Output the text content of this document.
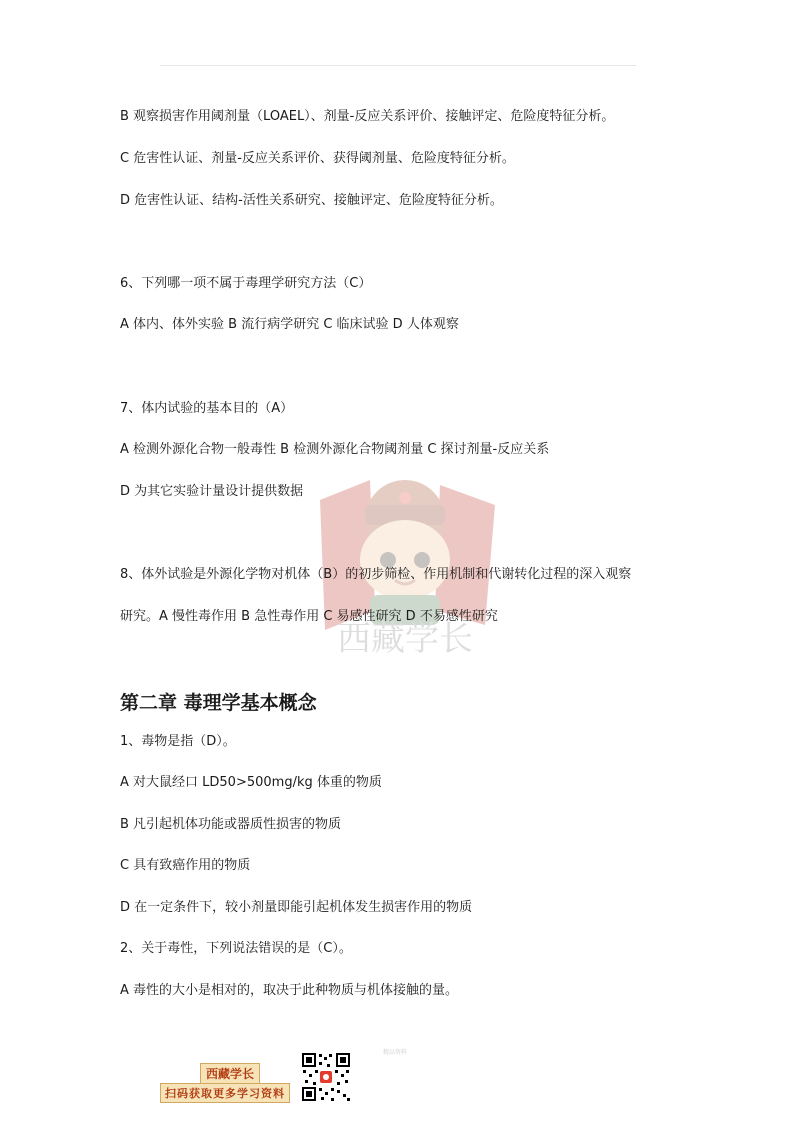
西藏学长
B 观察损害作用阈剂量（LOAEL）、剂量-反应关系评价、接触评定、危险度特征分析。
C 危害性认证、剂量-反应关系评价、获得阈剂量、危险度特征分析。
D 危害性认证、结构-活性关系研究、接触评定、危险度特征分析。
6、下列哪一项不属于毒理学研究方法（C）
A 体内、体外实验 B 流行病学研究 C 临床试验 D 人体观察
7、体内试验的基本目的（A）
A 检测外源化合物一般毒性 B 检测外源化合物阈剂量 C 探讨剂量-反应关系
D 为其它实验计量设计提供数据
8、体外试验是外源化学物对机体（B）的初步筛检、作用机制和代谢转化过程的深入观察
研究。A 慢性毒作用 B 急性毒作用 C 易感性研究 D 不易感性研究
第二章 毒理学基本概念
1、毒物是指（D）。
A 对大鼠经口 LD50>500mg/kg 体重的物质
B 凡引起机体功能或器质性损害的物质
C 具有致癌作用的物质
D 在一定条件下，较小剂量即能引起机体发生损害作用的物质
2、关于毒性，下列说法错误的是（C）。
A 毒性的大小是相对的，取决于此种物质与机体接触的量。
西藏学长
扫码获取更多学习资料
精品资料
